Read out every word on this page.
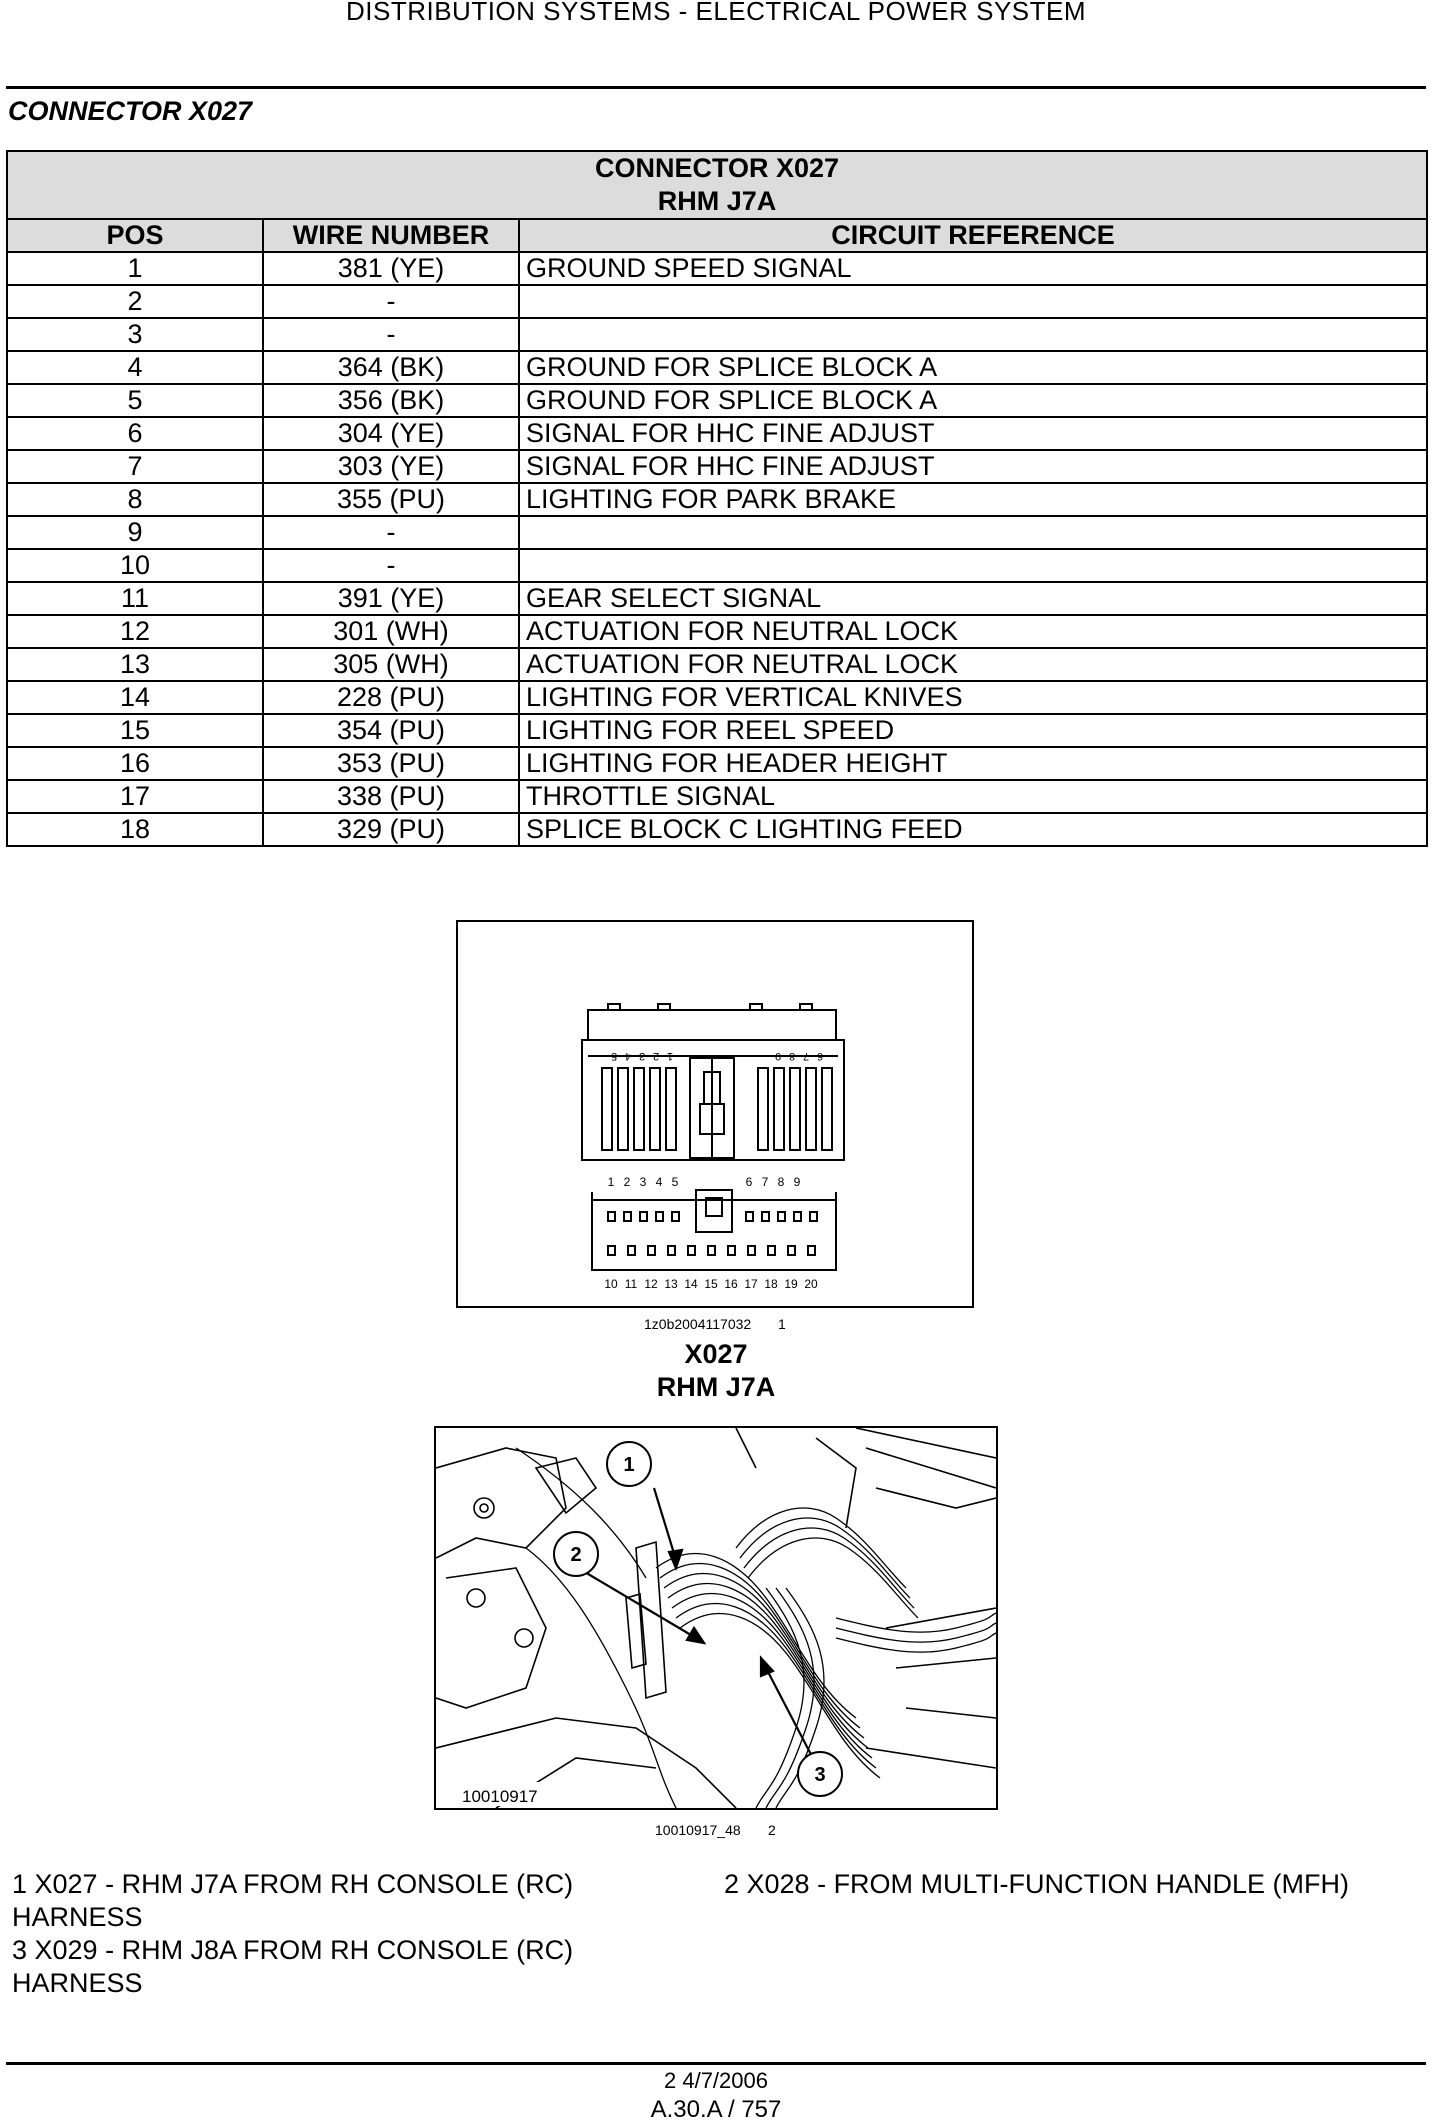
DISTRIBUTION SYSTEMS - ELECTRICAL POWER SYSTEM
CONNECTOR X027
CONNECTOR X027
RHM J7A		

POS	WIRE NUMBER	CIRCUIT REFERENCE
1	381 (YE)	GROUND SPEED SIGNAL
2	-	
3	-	
4	364 (BK)	GROUND FOR SPLICE BLOCK A
5	356 (BK)	GROUND FOR SPLICE BLOCK A
6	304 (YE)	SIGNAL FOR HHC FINE ADJUST
7	303 (YE)	SIGNAL FOR HHC FINE ADJUST
8	355 (PU)	LIGHTING FOR PARK BRAKE
9	-	
10	-	
11	391 (YE)	GEAR SELECT SIGNAL
12	301 (WH)	ACTUATION FOR NEUTRAL LOCK
13	305 (WH)	ACTUATION FOR NEUTRAL LOCK
14	228 (PU)	LIGHTING FOR VERTICAL KNIVES
15	354 (PU)	LIGHTING FOR REEL SPEED
16	353 (PU)	LIGHTING FOR HEADER HEIGHT
17	338 (PU)	THROTTLE SIGNAL
18	329 (PU)	SPLICE BLOCK C LIGHTING FEED
1
2
3
4
5	6
7
8
9
1 2 3 4 5	6 7 8 9
10 11 12 13 14 15 16 17 18 19 20
1z0b2004117032 1
X027
RHM J7A
1
2
3
10010917
10010917_48 2
1 X027 - RHM J7A FROM RH CONSOLE (RC) HARNESS
2 X028 - FROM MULTI-FUNCTION HANDLE (MFH)
3 X029 - RHM J8A FROM RH CONSOLE (RC) HARNESS
2 4/7/2006
A.30.A / 757
